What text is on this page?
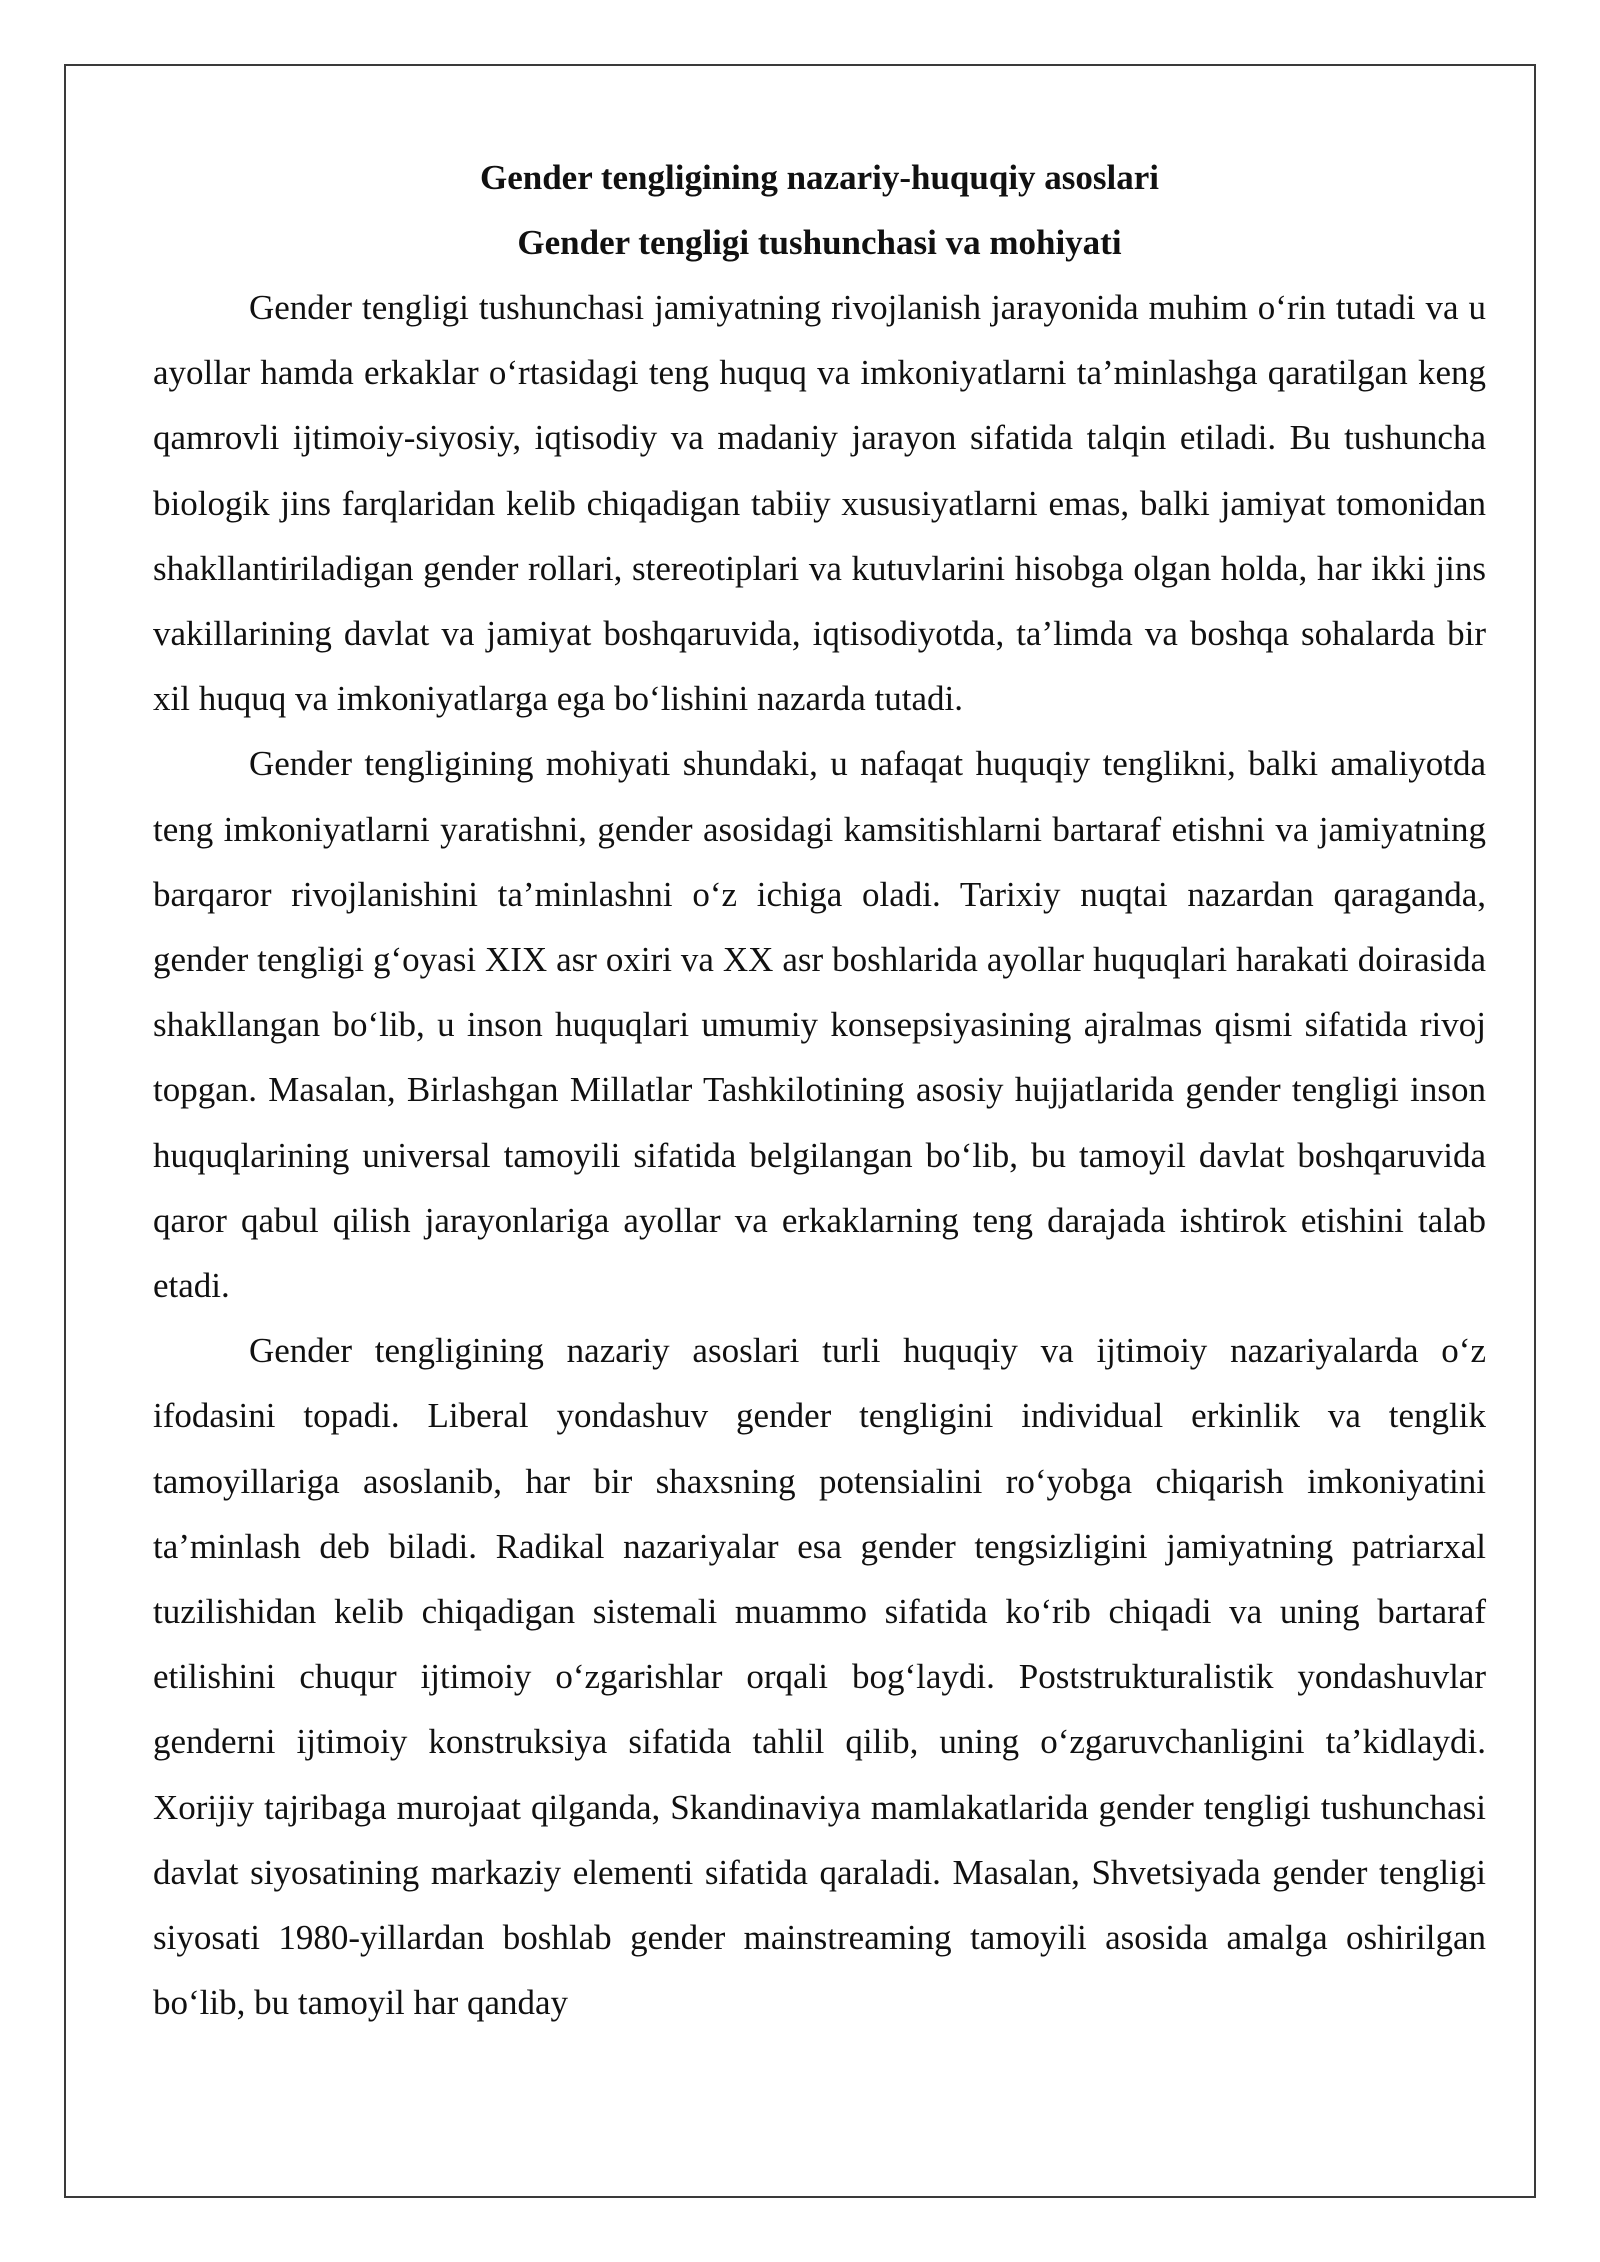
Gender tengligining nazariy-huquqiy asoslari

Gender tengligi tushunchasi va mohiyati

Gender tengligi tushunchasi jamiyatning rivojlanish jarayonida muhim o‘rin tutadi va u ayollar hamda erkaklar o‘rtasidagi teng huquq va imkoniyatlarni ta’minlashga qaratilgan keng qamrovli ijtimoiy-siyosiy, iqtisodiy va madaniy jarayon sifatida talqin etiladi. Bu tushuncha biologik jins farqlaridan kelib chiqadigan tabiiy xususiyatlarni emas, balki jamiyat tomonidan shakllantiriladigan gender rollari, stereotiplari va kutuvlarini hisobga olgan holda, har ikki jins vakillarining davlat va jamiyat boshqaruvida, iqtisodiyotda, ta’limda va boshqa sohalarda bir xil huquq va imkoniyatlarga ega bo‘lishini nazarda tutadi.

Gender tengligining mohiyati shundaki, u nafaqat huquqiy tenglikni, balki amaliyotda teng imkoniyatlarni yaratishni, gender asosidagi kamsitishlarni bartaraf etishni va jamiyatning barqaror rivojlanishini ta’minlashni o‘z ichiga oladi. Tarixiy nuqtai nazardan qaraganda, gender tengligi g‘oyasi XIX asr oxiri va XX asr boshlarida ayollar huquqlari harakati doirasida shakllangan bo‘lib, u inson huquqlari umumiy konsepsiyasining ajralmas qismi sifatida rivoj topgan. Masalan, Birlashgan Millatlar Tashkilotining asosiy hujjatlarida gender tengligi inson huquqlarining universal tamoyili sifatida belgilangan bo‘lib, bu tamoyil davlat boshqaruvida qaror qabul qilish jarayonlariga ayollar va erkaklarning teng darajada ishtirok etishini talab etadi.

Gender tengligining nazariy asoslari turli huquqiy va ijtimoiy nazariyalarda o‘z ifodasini topadi. Liberal yondashuv gender tengligini individual erkinlik va tenglik tamoyillariga asoslanib, har bir shaxsning potensialini ro‘yobga chiqarish imkoniyatini ta’minlash deb biladi. Radikal nazariyalar esa gender tengsizligini jamiyatning patriarxal tuzilishidan kelib chiqadigan sistemali muammo sifatida ko‘rib chiqadi va uning bartaraf etilishini chuqur ijtimoiy o‘zgarishlar orqali bog‘laydi. Poststrukturalistik yondashuvlar genderni ijtimoiy konstruksiya sifatida tahlil qilib, uning o‘zgaruvchanligini ta’kidlaydi. Xorijiy tajribaga murojaat qilganda, Skandinaviya mamlakatlarida gender tengligi tushunchasi davlat siyosatining markaziy elementi sifatida qaraladi. Masalan, Shvetsiyada gender tengligi siyosati 1980-yillardan boshlab gender mainstreaming tamoyili asosida amalga oshirilgan bo‘lib, bu tamoyil har qanday
